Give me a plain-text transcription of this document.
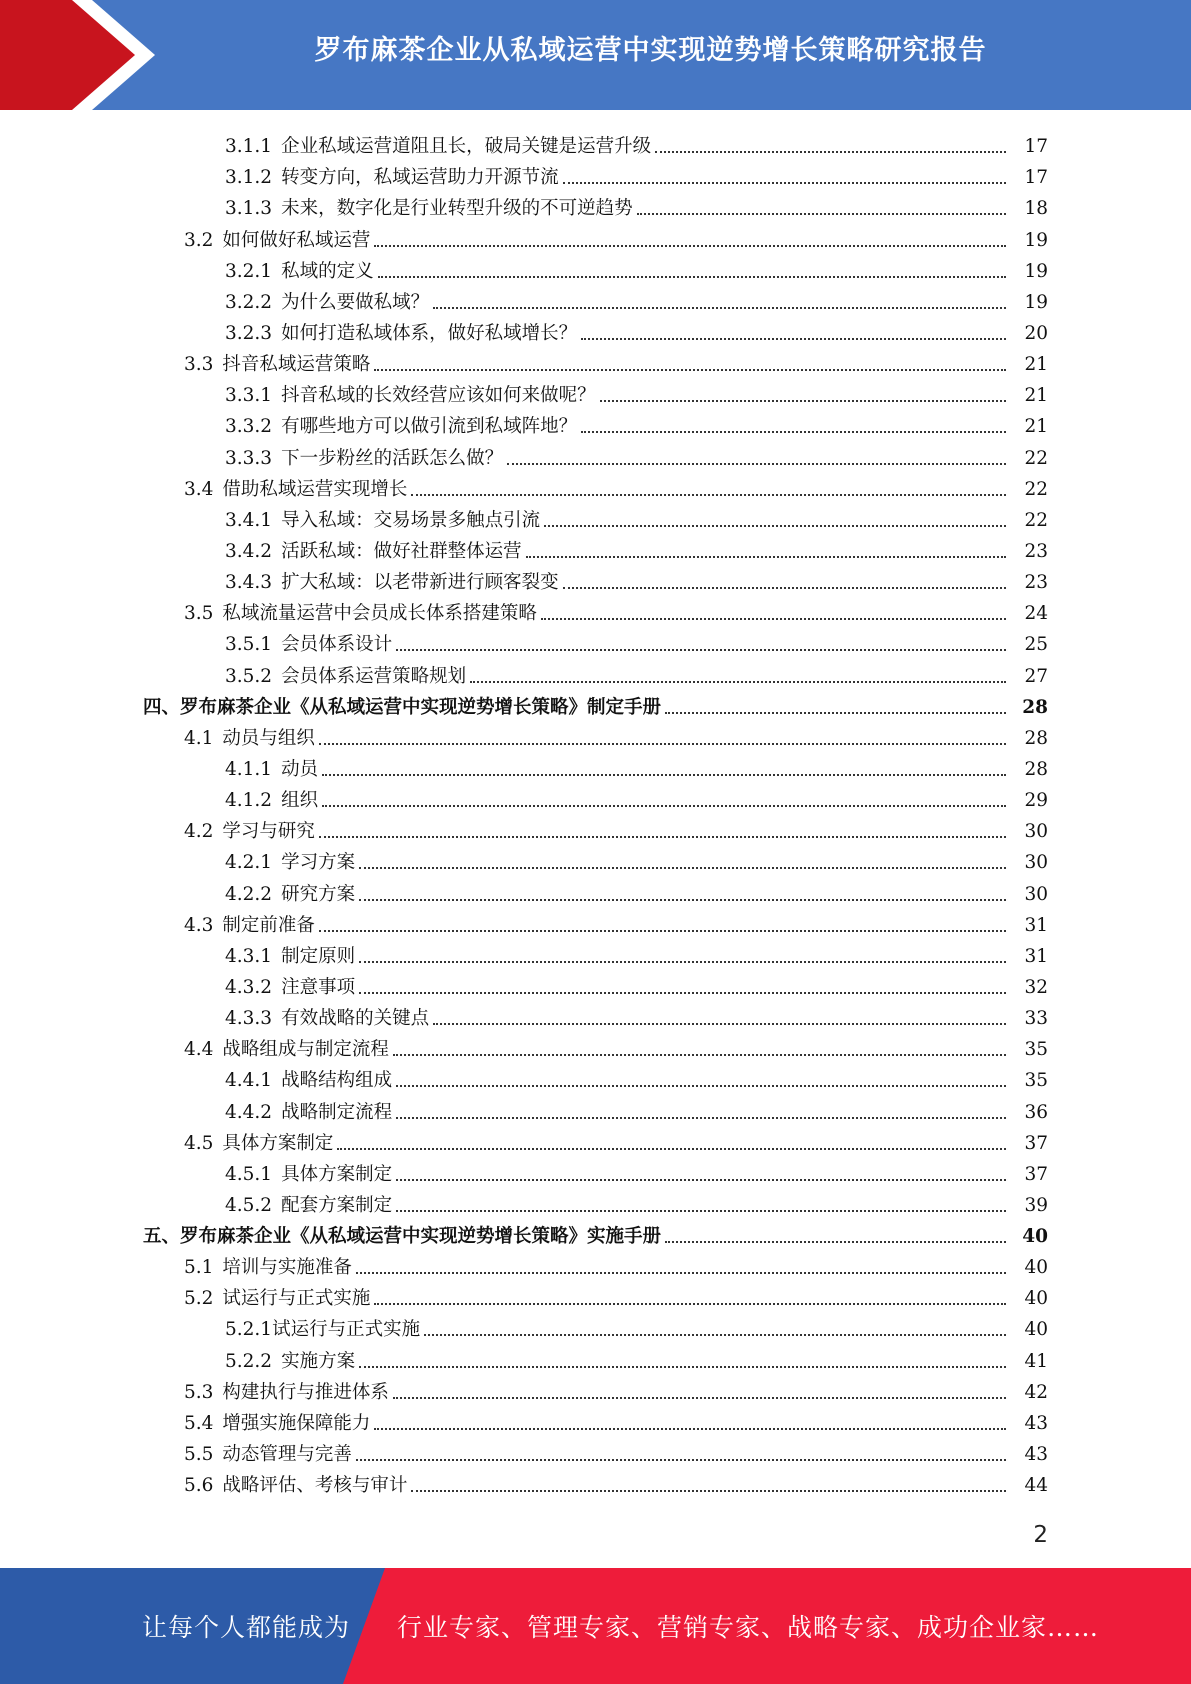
罗布麻茶企业从私域运营中实现逆势增长策略研究报告
3.1.1 企业私域运营道阻且长，破局关键是运营升级	17
3.1.2 转变方向，私域运营助力开源节流	17
3.1.3 未来，数字化是行业转型升级的不可逆趋势	18
3.2 如何做好私域运营	19
3.2.1 私域的定义	19
3.2.2 为什么要做私域？	19
3.2.3 如何打造私域体系，做好私域增长？	20
3.3 抖音私域运营策略	21
3.3.1 抖音私域的长效经营应该如何来做呢？	21
3.3.2 有哪些地方可以做引流到私域阵地？	21
3.3.3 下一步粉丝的活跃怎么做？	22
3.4 借助私域运营实现增长	22
3.4.1 导入私域：交易场景多触点引流	22
3.4.2 活跃私域：做好社群整体运营	23
3.4.3 扩大私域：以老带新进行顾客裂变	23
3.5 私域流量运营中会员成长体系搭建策略	24
3.5.1 会员体系设计	25
3.5.2 会员体系运营策略规划	27
四、 罗布麻茶企业《从私域运营中实现逆势增长策略》制定手册	28
4.1 动员与组织	28
4.1.1 动员	28
4.1.2 组织	29
4.2 学习与研究	30
4.2.1 学习方案	30
4.2.2 研究方案	30
4.3 制定前准备	31
4.3.1 制定原则	31
4.3.2 注意事项	32
4.3.3 有效战略的关键点	33
4.4 战略组成与制定流程	35
4.4.1 战略结构组成	35
4.4.2 战略制定流程	36
4.5 具体方案制定	37
4.5.1 具体方案制定	37
4.5.2 配套方案制定	39
五、 罗布麻茶企业《从私域运营中实现逆势增长策略》实施手册	40
5.1 培训与实施准备	40
5.2 试运行与正式实施	40
5.2.1 试运行与正式实施	40
5.2.2 实施方案	41
5.3 构建执行与推进体系	42
5.4 增强实施保障能力	43
5.5 动态管理与完善	43
5.6 战略评估、考核与审计	44
2
让每个人都能成为 行业专家、管理专家、营销专家、战略专家、成功企业家……
